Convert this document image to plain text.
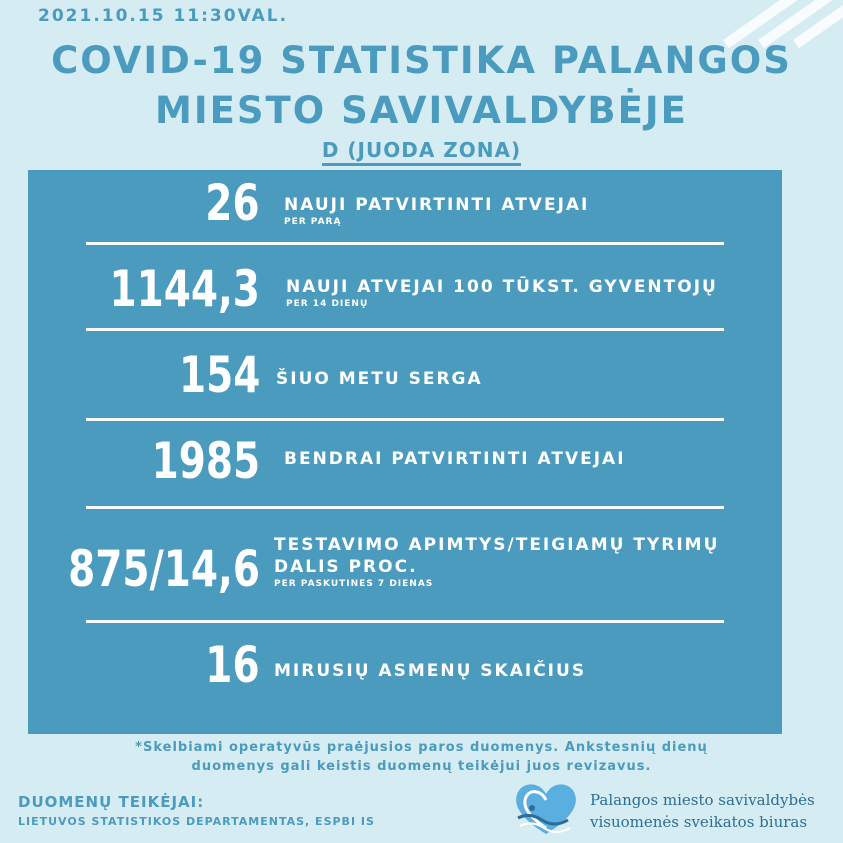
2021.10.15 11:30VAL.
COVID-19 STATISTIKA PALANGOS
MIESTO SAVIVALDYBĖJE
D (JUODA ZONA)
26 NAUJI PATVIRTINTI ATVEJAI
PER PARĄ
1144,3 NAUJI ATVEJAI 100 TŪKST. GYVENTOJŲ
PER 14 DIENŲ
154 ŠIUO METU SERGA
1985 BENDRAI PATVIRTINTI ATVEJAI
875/14,6 TESTAVIMO APIMTYS/TEIGIAMŲ TYRIMŲ
DALIS PROC.
PER PASKUTINES 7 DIENAS
16 MIRUSIŲ ASMENŲ SKAIČIUS
*Skelbiami operatyvūs praėjusios paros duomenys. Ankstesnių dienų
duomenys gali keistis duomenų teikėjui juos revizavus.
DUOMENŲ TEIKĖJAI:
LIETUVOS STATISTIKOS DEPARTAMENTAS, ESPBI IS
Palangos miesto savivaldybės
visuomenės sveikatos biuras
